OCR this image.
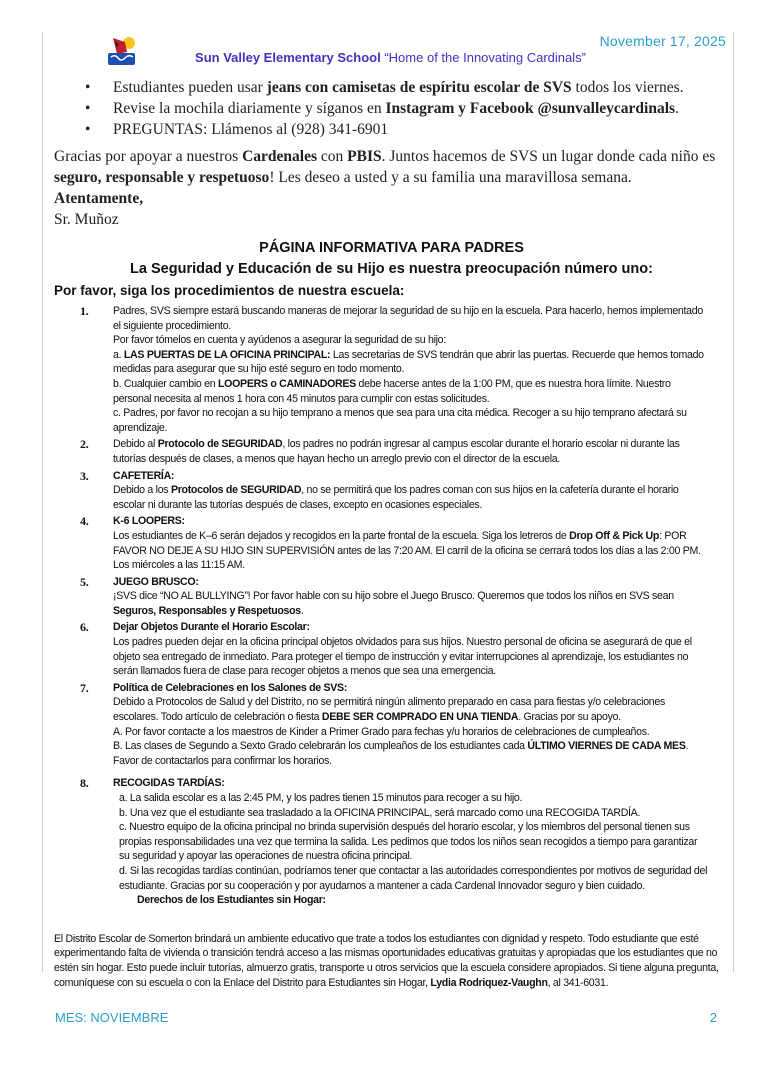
November 17, 2025
Sun Valley Elementary School “Home of the Innovating Cardinals”
• Estudiantes pueden usar jeans con camisetas de espíritu escolar de SVS todos los viernes.
• Revise la mochila diariamente y síganos en Instagram y Facebook @sunvalleycardinals.
• PREGUNTAS: Llámenos al (928) 341-6901

Gracias por apoyar a nuestros Cardenales con PBIS. Juntos hacemos de SVS un lugar donde cada niño es seguro, responsable y respetuoso! Les deseo a usted y a su familia una maravillosa semana.

Atentamente,
Sr. Muñoz
PÁGINA INFORMATIVA PARA PADRES
La Seguridad y Educación de su Hijo es nuestra preocupación número uno:
Por favor, siga los procedimientos de nuestra escuela:
1. Padres, SVS siempre estará buscando maneras de mejorar la seguridad de su hijo en la escuela. Para hacerlo, hemos implementado el siguiente procedimiento.
Por favor tómelos en cuenta y ayúdenos a asegurar la seguridad de su hijo:
a. LAS PUERTAS DE LA OFICINA PRINCIPAL: Las secretarias de SVS tendrán que abrir las puertas. Recuerde que hemos tomado medidas para asegurar que su hijo esté seguro en todo momento.
b. Cualquier cambio en LOOPERS o CAMINADORES debe hacerse antes de la 1:00 PM, que es nuestra hora límite. Nuestro personal necesita al menos 1 hora con 45 minutos para cumplir con estas solicitudes.
c. Padres, por favor no recojan a su hijo temprano a menos que sea para una cita médica. Recoger a su hijo temprano afectará su aprendizaje.
2. Debido al Protocolo de SEGURIDAD, los padres no podrán ingresar al campus escolar durante el horario escolar ni durante las tutorías después de clases, a menos que hayan hecho un arreglo previo con el director de la escuela.
3. CAFETERÍA:
Debido a los Protocolos de SEGURIDAD, no se permitirá que los padres coman con sus hijos en la cafetería durante el horario escolar ni durante las tutorías después de clases, excepto en ocasiones especiales.
4. K-6 LOOPERS:
Los estudiantes de K–6 serán dejados y recogidos en la parte frontal de la escuela. Siga los letreros de Drop Off & Pick Up: POR FAVOR NO DEJE A SU HIJO SIN SUPERVISIÓN antes de las 7:20 AM. El carril de la oficina se cerrará todos los días a las 2:00 PM. Los miércoles a las 11:15 AM.
5. JUEGO BRUSCO:
¡SVS dice “NO AL BULLYING”! Por favor hable con su hijo sobre el Juego Brusco. Queremos que todos los niños en SVS sean Seguros, Responsables y Respetuosos.
6. Dejar Objetos Durante el Horario Escolar:
Los padres pueden dejar en la oficina principal objetos olvidados para sus hijos. Nuestro personal de oficina se asegurará de que el objeto sea entregado de inmediato. Para proteger el tiempo de instrucción y evitar interrupciones al aprendizaje, los estudiantes no serán llamados fuera de clase para recoger objetos a menos que sea una emergencia.
7. Política de Celebraciones en los Salones de SVS:
Debido a Protocolos de Salud y del Distrito, no se permitirá ningún alimento preparado en casa para fiestas y/o celebraciones escolares. Todo artículo de celebración o fiesta DEBE SER COMPRADO EN UNA TIENDA. Gracias por su apoyo.
A. Por favor contacte a los maestros de Kinder a Primer Grado para fechas y/u horarios de celebraciones de cumpleaños.
B. Las clases de Segundo a Sexto Grado celebrarán los cumpleaños de los estudiantes cada ÚLTIMO VIERNES DE CADA MES. Favor de contactarlos para confirmar los horarios.
8. RECOGIDAS TARDÍAS:
a. La salida escolar es a las 2:45 PM, y los padres tienen 15 minutos para recoger a su hijo.
b. Una vez que el estudiante sea trasladado a la OFICINA PRINCIPAL, será marcado como una RECOGIDA TARDÍA.
c. Nuestro equipo de la oficina principal no brinda supervisión después del horario escolar, y los miembros del personal tienen sus propias responsabilidades una vez que termina la salida. Les pedimos que todos los niños sean recogidos a tiempo para garantizar su seguridad y apoyar las operaciones de nuestra oficina principal.
d. Si las recogidas tardías continúan, podríamos tener que contactar a las autoridades correspondientes por motivos de seguridad del estudiante. Gracias por su cooperación y por ayudarnos a mantener a cada Cardenal Innovador seguro y bien cuidado.
Derechos de los Estudiantes sin Hogar:
El Distrito Escolar de Somerton brindará un ambiente educativo que trate a todos los estudiantes con dignidad y respeto. Todo estudiante que esté experimentando falta de vivienda o transición tendrá acceso a las mismas oportunidades educativas gratuitas y apropiadas que los estudiantes que no estén sin hogar. Esto puede incluir tutorías, almuerzo gratis, transporte u otros servicios que la escuela considere apropiados. Si tiene alguna pregunta, comuníquese con su escuela o con la Enlace del Distrito para Estudiantes sin Hogar, Lydia Rodriquez-Vaughn, al 341-6031.
MES: NOVIEMBRE	2
